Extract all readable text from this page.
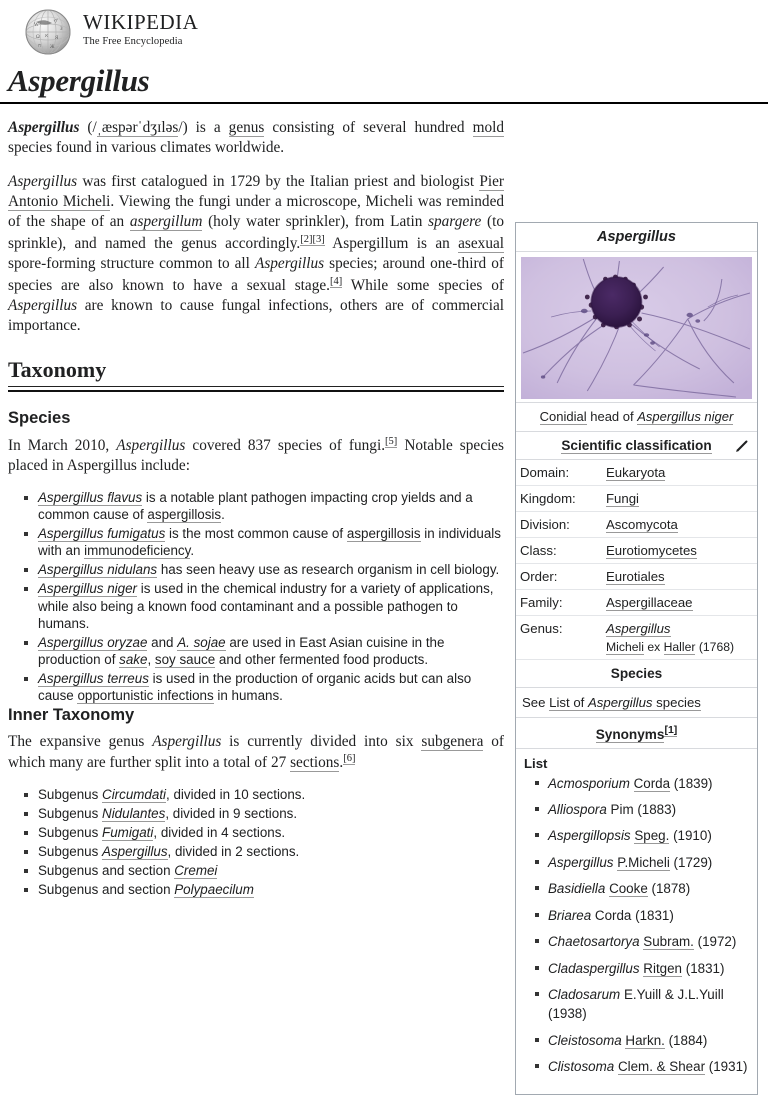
W
ヴ
З
Ω א Я
ח Ж
WIKIPEDIA
The Free Encyclopedia
Aspergillus

Aspergillus (/ˌæspərˈdʒɪləs/) is a genus consisting of several hundred mold species found in various climates worldwide.

Aspergillus was first catalogued in 1729 by the Italian priest and biologist Pier Antonio Micheli. Viewing the fungi under a microscope, Micheli was reminded of the shape of an aspergillum (holy water sprinkler), from Latin spargere (to sprinkle), and named the genus accordingly.[2][3] Aspergillum is an asexual spore-forming structure common to all Aspergillus species; around one-third of species are also known to have a sexual stage.[4] While some species of Aspergillus are known to cause fungal infections, others are of commercial importance.

Taxonomy
Species

In March 2010, Aspergillus covered 837 species of fungi.[5] Notable species placed in Aspergillus include:

Aspergillus flavus is a notable plant pathogen impacting crop yields and a common cause of aspergillosis.
Aspergillus fumigatus is the most common cause of aspergillosis in individuals with an immunodeficiency.
Aspergillus nidulans has seen heavy use as research organism in cell biology.
Aspergillus niger is used in the chemical industry for a variety of applications, while also being a known food contaminant and a possible pathogen to humans.
Aspergillus oryzae and A. sojae are used in East Asian cuisine in the production of sake, soy sauce and other fermented food products.
Aspergillus terreus is used in the production of organic acids but can also cause opportunistic infections in humans.
Inner Taxonomy

The expansive genus Aspergillus is currently divided into six subgenera of which many are further split into a total of 27 sections.[6]

Subgenus Circumdati, divided in 10 sections.
Subgenus Nidulantes, divided in 9 sections.
Subgenus Fumigati, divided in 4 sections.
Subgenus Aspergillus, divided in 2 sections.
Subgenus and section Cremei
Subgenus and section Polypaecilum
Aspergillus
Conidial head of Aspergillus niger
Scientific classification
Domain:	Eukaryota
Kingdom:	Fungi
Division:	Ascomycota
Class:	Eurotiomycetes
Order:	Eurotiales
Family:	Aspergillaceae
Genus:	Aspergillus
Micheli ex Haller (1768)
Species
See List of Aspergillus species
Synonyms[1]
List
Acmosporium Corda (1839)
Alliospora Pim (1883)
Aspergillopsis Speg. (1910)
Aspergillus P.Micheli (1729)
Basidiella Cooke (1878)
Briarea Corda (1831)
Chaetosartorya Subram. (1972)
Cladaspergillus Ritgen (1831)
Cladosarum E.Yuill & J.L.Yuill (1938)
Cleistosoma Harkn. (1884)
Clistosoma Clem. & Shear (1931)
